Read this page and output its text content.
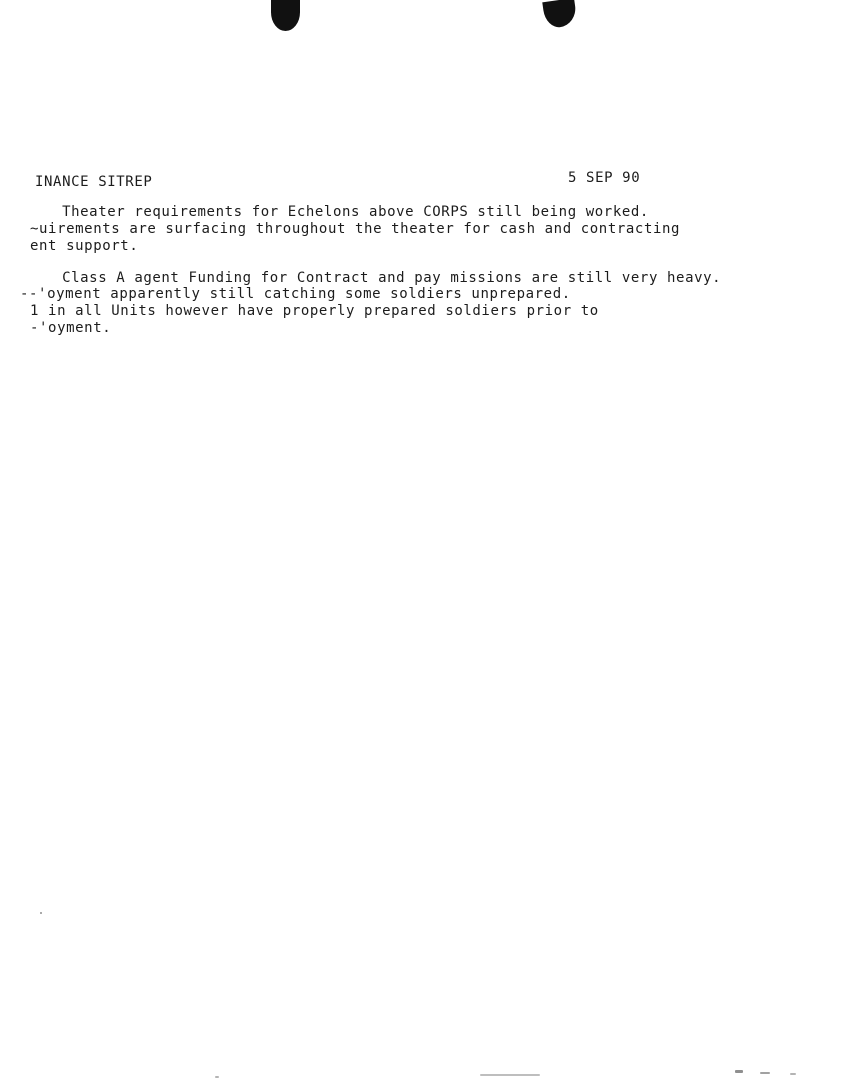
INANCE SITREP	5 SEP 90
Theater requirements for Echelons above CORPS still being worked.
~uirements are surfacing throughout the theater for cash and contracting
ent support.
Class A agent Funding for Contract and pay missions are still very heavy.
--'oyment apparently still catching some soldiers unprepared.
1 in all Units however have properly prepared soldiers prior to
-'oyment.
